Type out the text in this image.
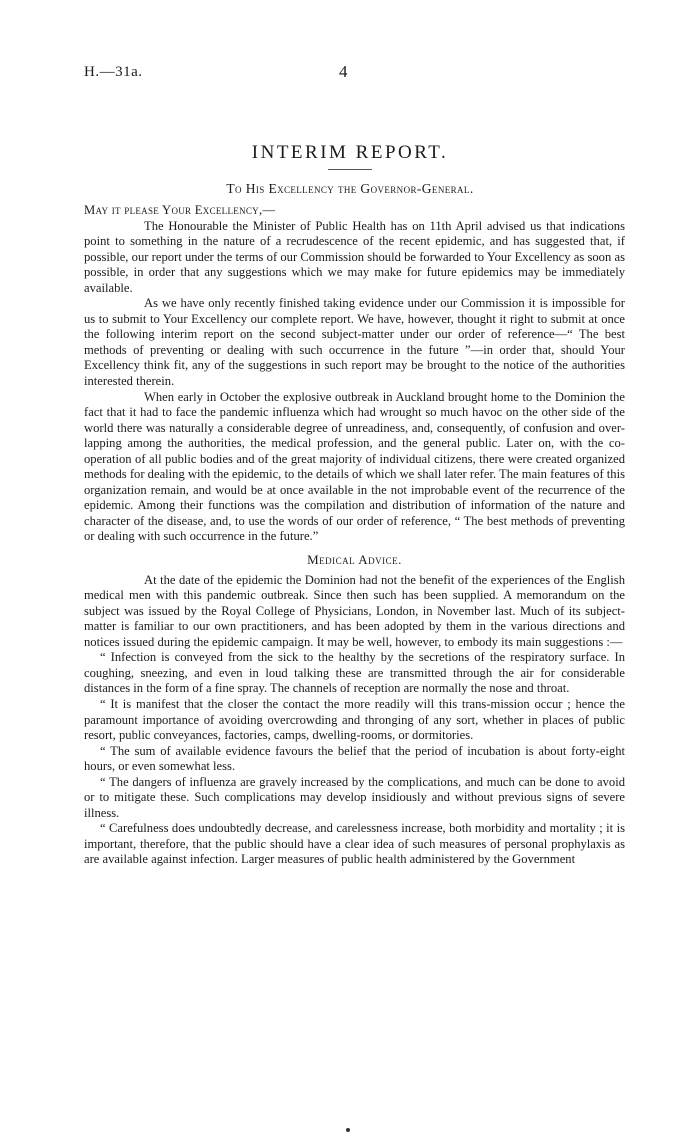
H.—31a.	4
INTERIM REPORT.
To His Excellency the Governor-General.

May it please Your Excellency,—

The Honourable the Minister of Public Health has on 11th April advised us that indications point to something in the nature of a recrudescence of the recent epidemic, and has suggested that, if possible, our report under the terms of our Commission should be forwarded to Your Excellency as soon as possible, in order that any suggestions which we may make for future epidemics may be immediately available.

As we have only recently finished taking evidence under our Commission it is impossible for us to submit to Your Excellency our complete report. We have, however, thought it right to submit at once the following interim report on the second subject-matter under our order of reference—“ The best methods of preventing or dealing with such occurrence in the future ”—in order that, should Your Excellency think fit, any of the suggestions in such report may be brought to the notice of the authorities interested therein.

When early in October the explosive outbreak in Auckland brought home to the Dominion the fact that it had to face the pandemic influenza which had wrought so much havoc on the other side of the world there was naturally a considerable degree of unreadiness, and, consequently, of confusion and over-lapping among the authorities, the medical profession, and the general public. Later on, with the co-operation of all public bodies and of the great majority of individual citizens, there were created organized methods for dealing with the epidemic, to the details of which we shall later refer. The main features of this organization remain, and would be at once available in the not improbable event of the recurrence of the epidemic. Among their functions was the compilation and distribution of information of the nature and character of the disease, and, to use the words of our order of reference, “ The best methods of preventing or dealing with such occurrence in the future.”

Medical Advice.

At the date of the epidemic the Dominion had not the benefit of the experiences of the English medical men with this pandemic outbreak. Since then such has been supplied. A memorandum on the subject was issued by the Royal College of Physicians, London, in November last. Much of its subject-matter is familiar to our own practitioners, and has been adopted by them in the various directions and notices issued during the epidemic campaign. It may be well, however, to embody its main suggestions :—

“ Infection is conveyed from the sick to the healthy by the secretions of the respiratory surface. In coughing, sneezing, and even in loud talking these are transmitted through the air for considerable distances in the form of a fine spray. The channels of reception are normally the nose and throat.

“ It is manifest that the closer the contact the more readily will this trans-mission occur ; hence the paramount importance of avoiding overcrowding and thronging of any sort, whether in places of public resort, public conveyances, factories, camps, dwelling-rooms, or dormitories.

“ The sum of available evidence favours the belief that the period of incubation is about forty-eight hours, or even somewhat less.

“ The dangers of influenza are gravely increased by the complications, and much can be done to avoid or to mitigate these. Such complications may develop insidiously and without previous signs of severe illness.

“ Carefulness does undoubtedly decrease, and carelessness increase, both morbidity and mortality ; it is important, therefore, that the public should have a clear idea of such measures of personal prophylaxis as are available against infection. Larger measures of public health administered by the Government
